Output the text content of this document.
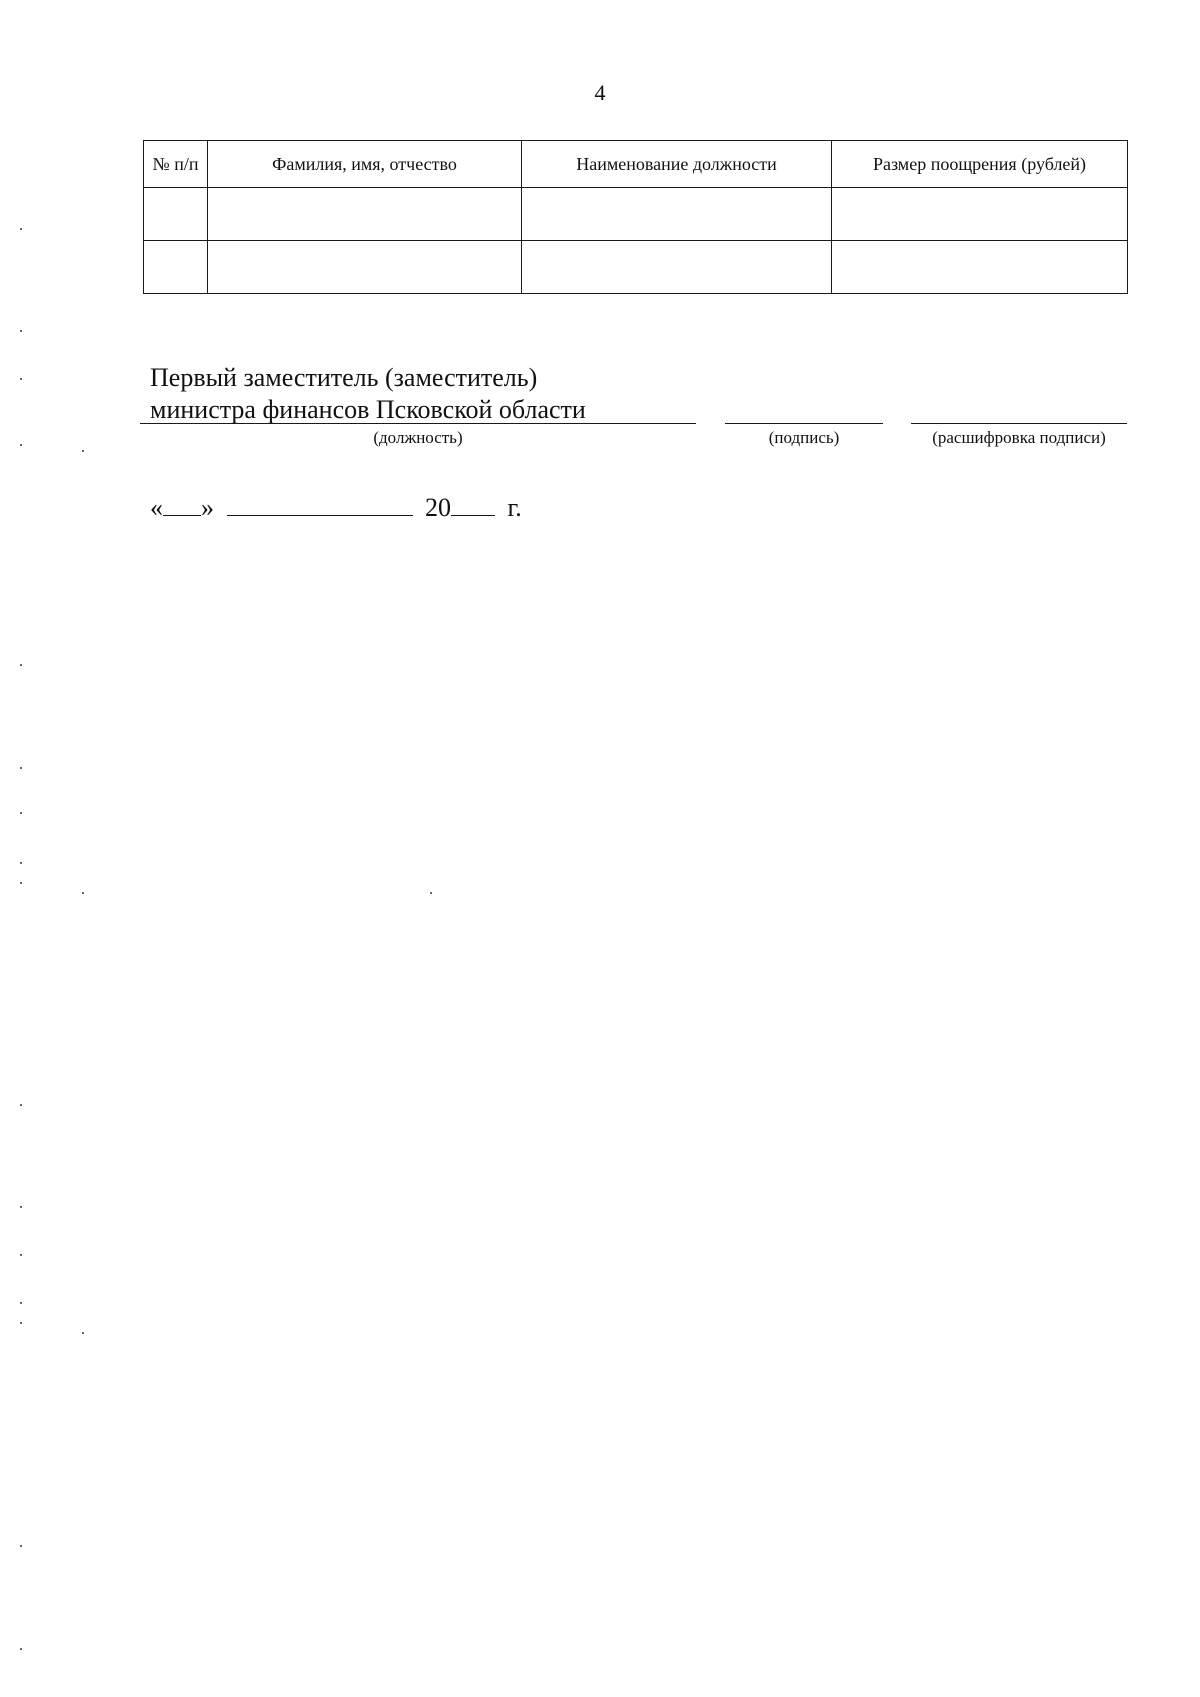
4
№ п/п	Фамилия, имя, отчество	Наименование должности	Размер поощрения (рублей)

Первый заместитель (заместитель)
министра финансов Псковской области
(должность)	(подпись)	(расшифровка подписи)
« »	20 г.
